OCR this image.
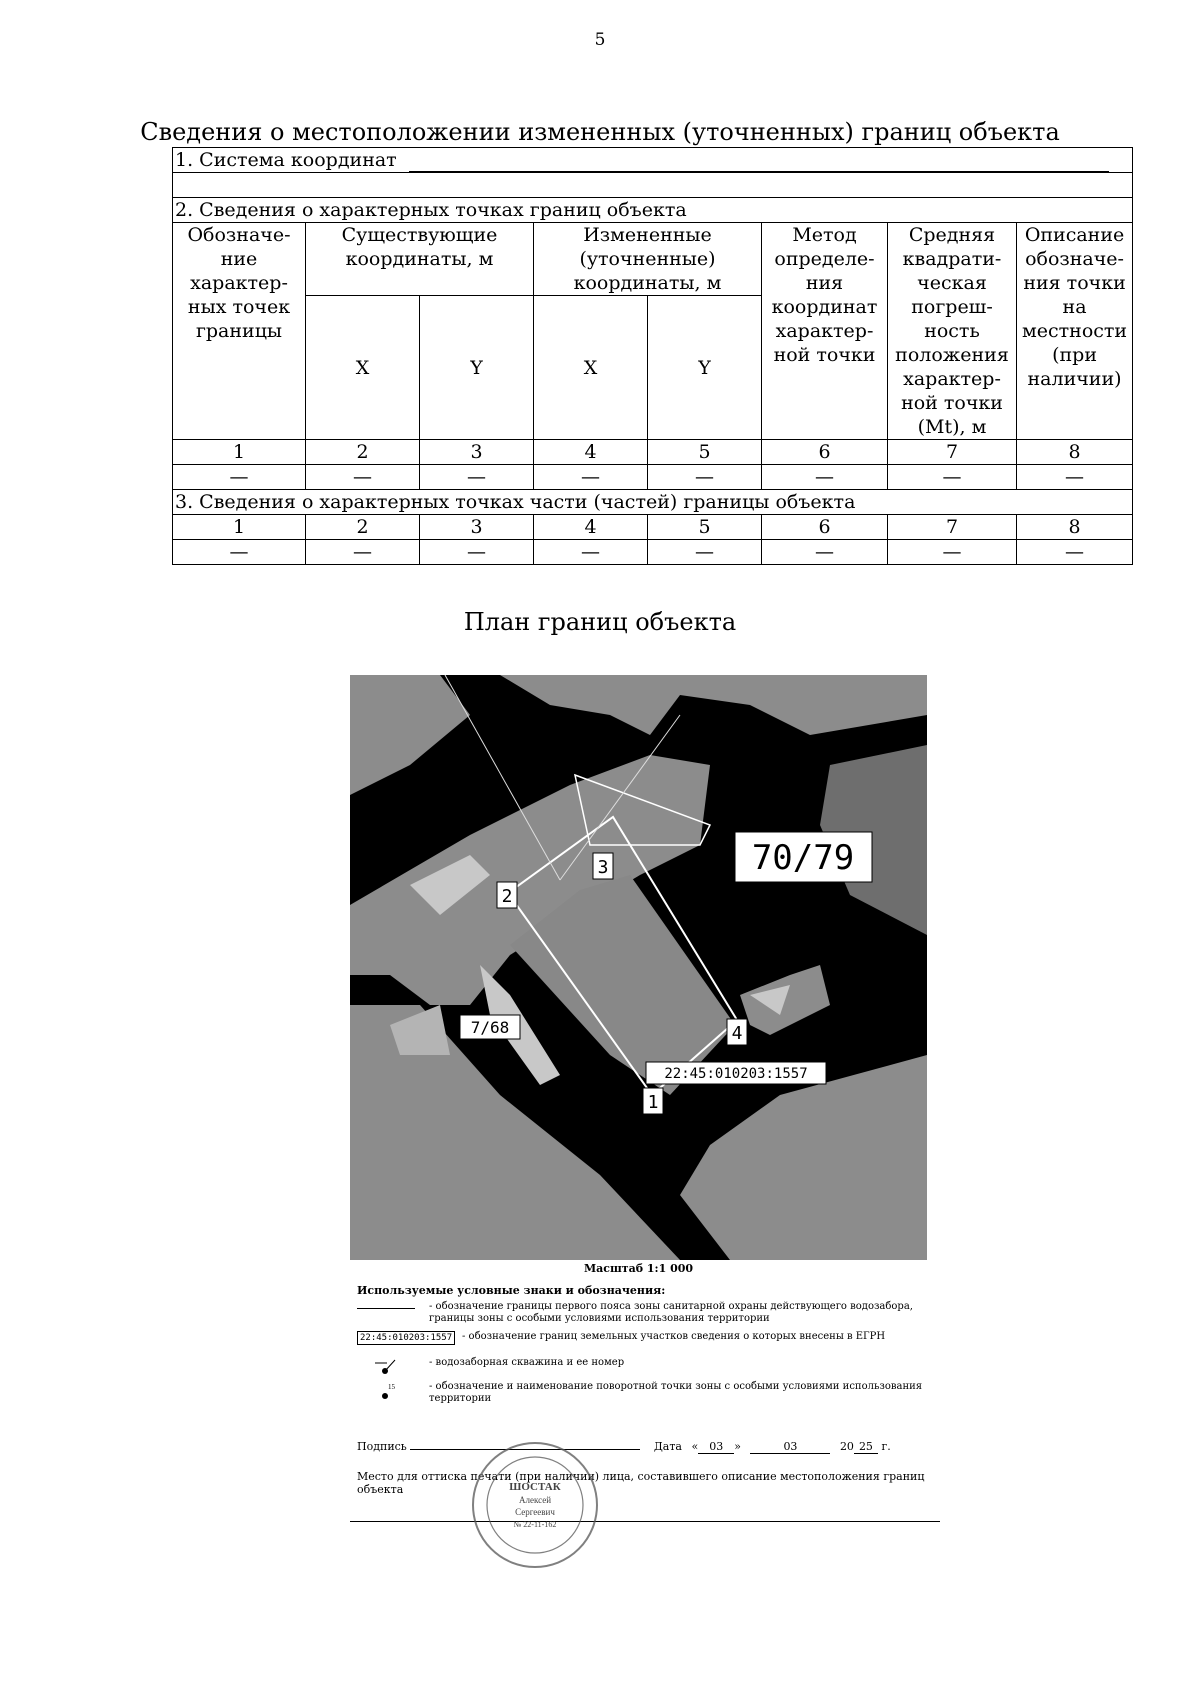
5
Сведения о местоположении измененных (уточненных) границ объекта
1. Система координат							

2. Сведения о характерных точках границ объекта							
Обозначе-ние характер-ных точек границы	Существующие координаты, м		Измененные (уточненные) координаты, м		Метод определе-ния координат характер-ной точки	Средняя квадрати-ческая погреш-ность положения характер-ной точки (Mt), м	Описание обозначе-ния точки на местности (при наличии)
	X	Y	X	Y			
1	2	3	4	5	6	7	8
—	—	—	—	—	—	—	—
3. Сведения о характерных точках части (частей) границы объекта							
1	2	3	4	5	6	7	8
—	—	—	—	—	—	—	—
План границ объекта
1
2
3
4
70/79
7/68
22:45:010203:1557
Масштаб 1:1 000
Используемые условные знаки и обозначения:
- обозначение границы первого пояса зоны санитарной охраны действующего водозабора, границы зоны с особыми условиями использования территории
22:45:010203:1557 - обозначение границ земельных участков сведения о которых внесены в ЕГРН
- водозаборная скважина и ее номер
15	- обозначение и наименование поворотной точки зоны с особыми условиями использования территории
Подпись	Дата « 03 »	03	20 25 г.
Место для оттиска печати (при наличии) лица, составившего описание местоположения границ объекта	ШОСТАК
Алексей
Сергеевич
№ 22-11-162
